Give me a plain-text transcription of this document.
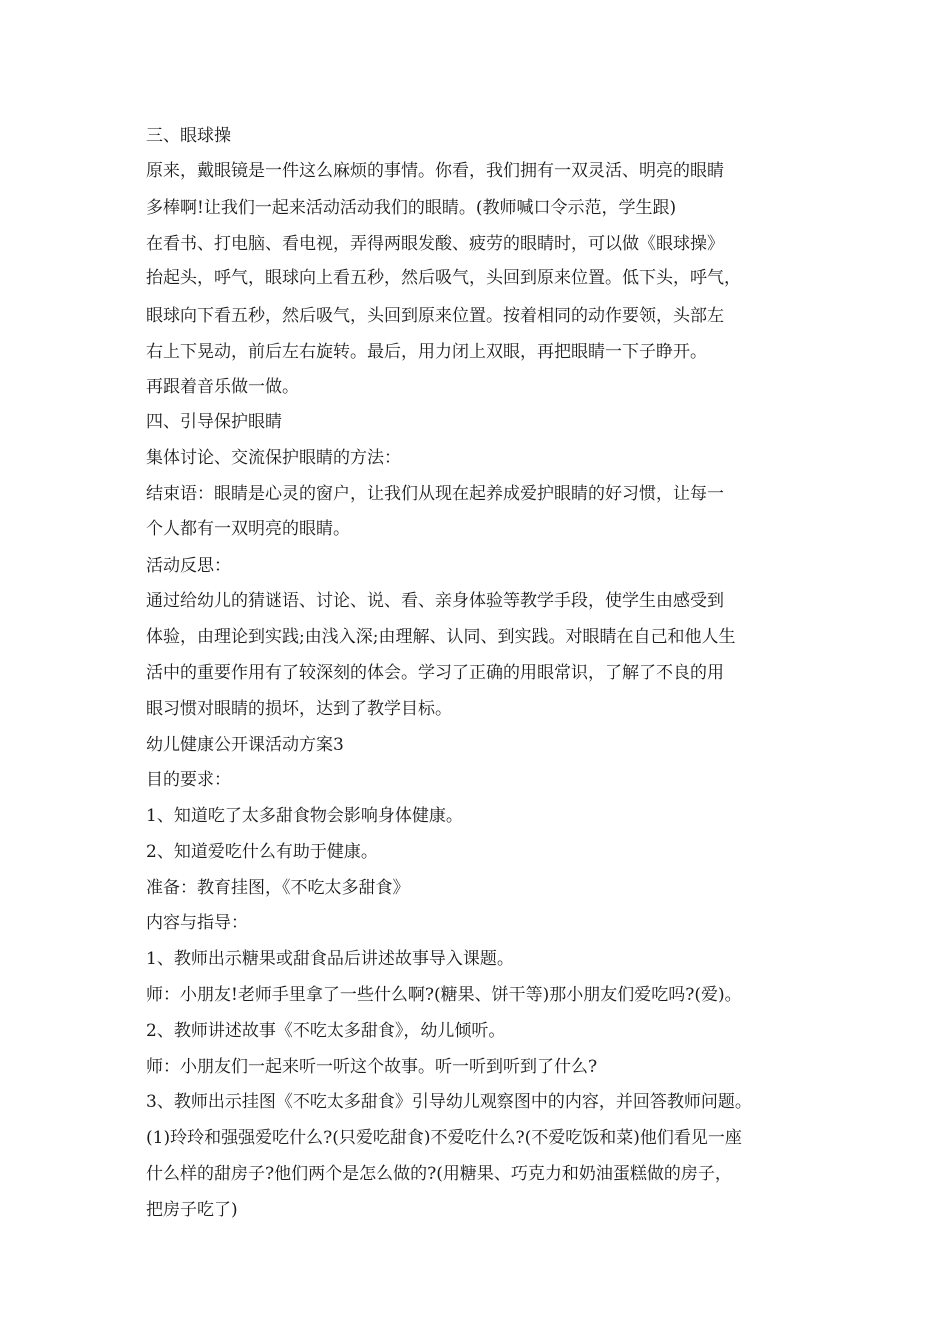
三、眼球操
原来，戴眼镜是一件这么麻烦的事情。你看，我们拥有一双灵活、明亮的眼睛
多棒啊!让我们一起来活动活动我们的眼睛。(教师喊口令示范，学生跟)
在看书、打电脑、看电视，弄得两眼发酸、疲劳的眼睛时，可以做《眼球操》
抬起头，呼气，眼球向上看五秒，然后吸气，头回到原来位置。低下头，呼气，
眼球向下看五秒，然后吸气，头回到原来位置。按着相同的动作要领，头部左
右上下晃动，前后左右旋转。最后，用力闭上双眼，再把眼睛一下子睁开。
再跟着音乐做一做。
四、引导保护眼睛
集体讨论、交流保护眼睛的方法：
结束语：眼睛是心灵的窗户，让我们从现在起养成爱护眼睛的好习惯，让每一
个人都有一双明亮的眼睛。
活动反思：
通过给幼儿的猜谜语、讨论、说、看、亲身体验等教学手段，使学生由感受到
体验，由理论到实践;由浅入深;由理解、认同、到实践。对眼睛在自己和他人生
活中的重要作用有了较深刻的体会。学习了正确的用眼常识，了解了不良的用
眼习惯对眼睛的损坏，达到了教学目标。
幼儿健康公开课活动方案3
目的要求：
1、知道吃了太多甜食物会影响身体健康。
2、知道爱吃什么有助于健康。
准备：教育挂图，《不吃太多甜食》
内容与指导：
1、教师出示糖果或甜食品后讲述故事导入课题。
师：小朋友!老师手里拿了一些什么啊?(糖果、饼干等)那小朋友们爱吃吗?(爱)。
2、教师讲述故事《不吃太多甜食》，幼儿倾听。
师：小朋友们一起来听一听这个故事。听一听到听到了什么?
3、教师出示挂图《不吃太多甜食》引导幼儿观察图中的内容，并回答教师问题。
(1)玲玲和强强爱吃什么?(只爱吃甜食)不爱吃什么?(不爱吃饭和菜)他们看见一座
什么样的甜房子?他们两个是怎么做的?(用糖果、巧克力和奶油蛋糕做的房子，
把房子吃了)
